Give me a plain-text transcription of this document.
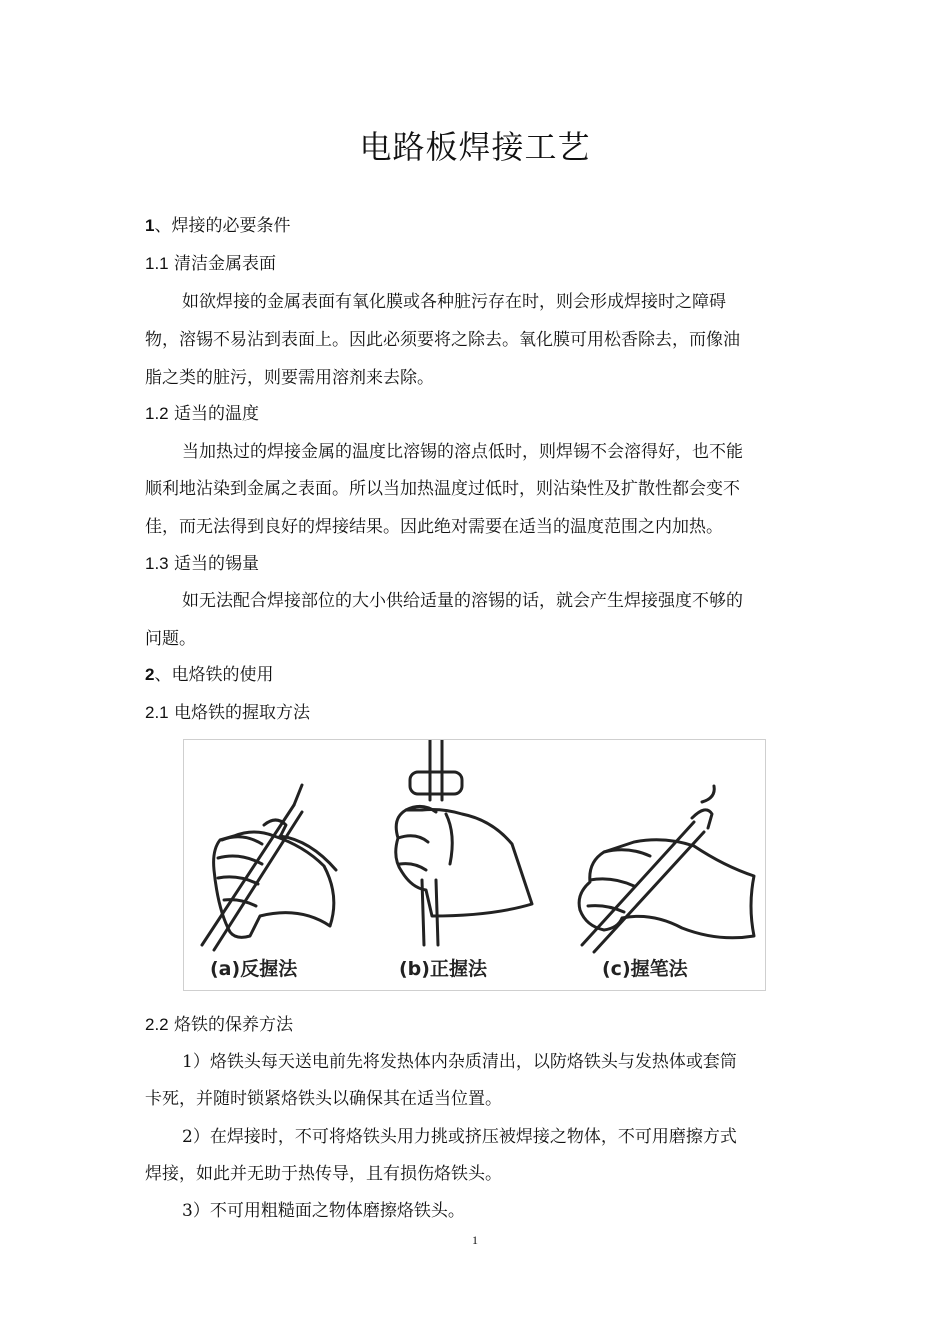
电路板焊接工艺
1、焊接的必要条件
1.1 清洁金属表面
如欲焊接的金属表面有氧化膜或各种脏污存在时，则会形成焊接时之障碍
物，溶锡不易沾到表面上。因此必须要将之除去。氧化膜可用松香除去，而像油
脂之类的脏污，则要需用溶剂来去除。
1.2 适当的温度
当加热过的焊接金属的温度比溶锡的溶点低时，则焊锡不会溶得好，也不能
顺利地沾染到金属之表面。所以当加热温度过低时，则沾染性及扩散性都会变不
佳，而无法得到良好的焊接结果。因此绝对需要在适当的温度范围之内加热。
1.3 适当的锡量
如无法配合焊接部位的大小供给适量的溶锡的话，就会产生焊接强度不够的
问题。
2、电烙铁的使用
2.1 电烙铁的握取方法
(a)反握法	(b)正握法	(c)握笔法
2.2 烙铁的保养方法
1）烙铁头每天送电前先将发热体内杂质清出，以防烙铁头与发热体或套筒
卡死，并随时锁紧烙铁头以确保其在适当位置。
2）在焊接时，不可将烙铁头用力挑或挤压被焊接之物体，不可用磨擦方式
焊接，如此并无助于热传导，且有损伤烙铁头。
3）不可用粗糙面之物体磨擦烙铁头。
1
